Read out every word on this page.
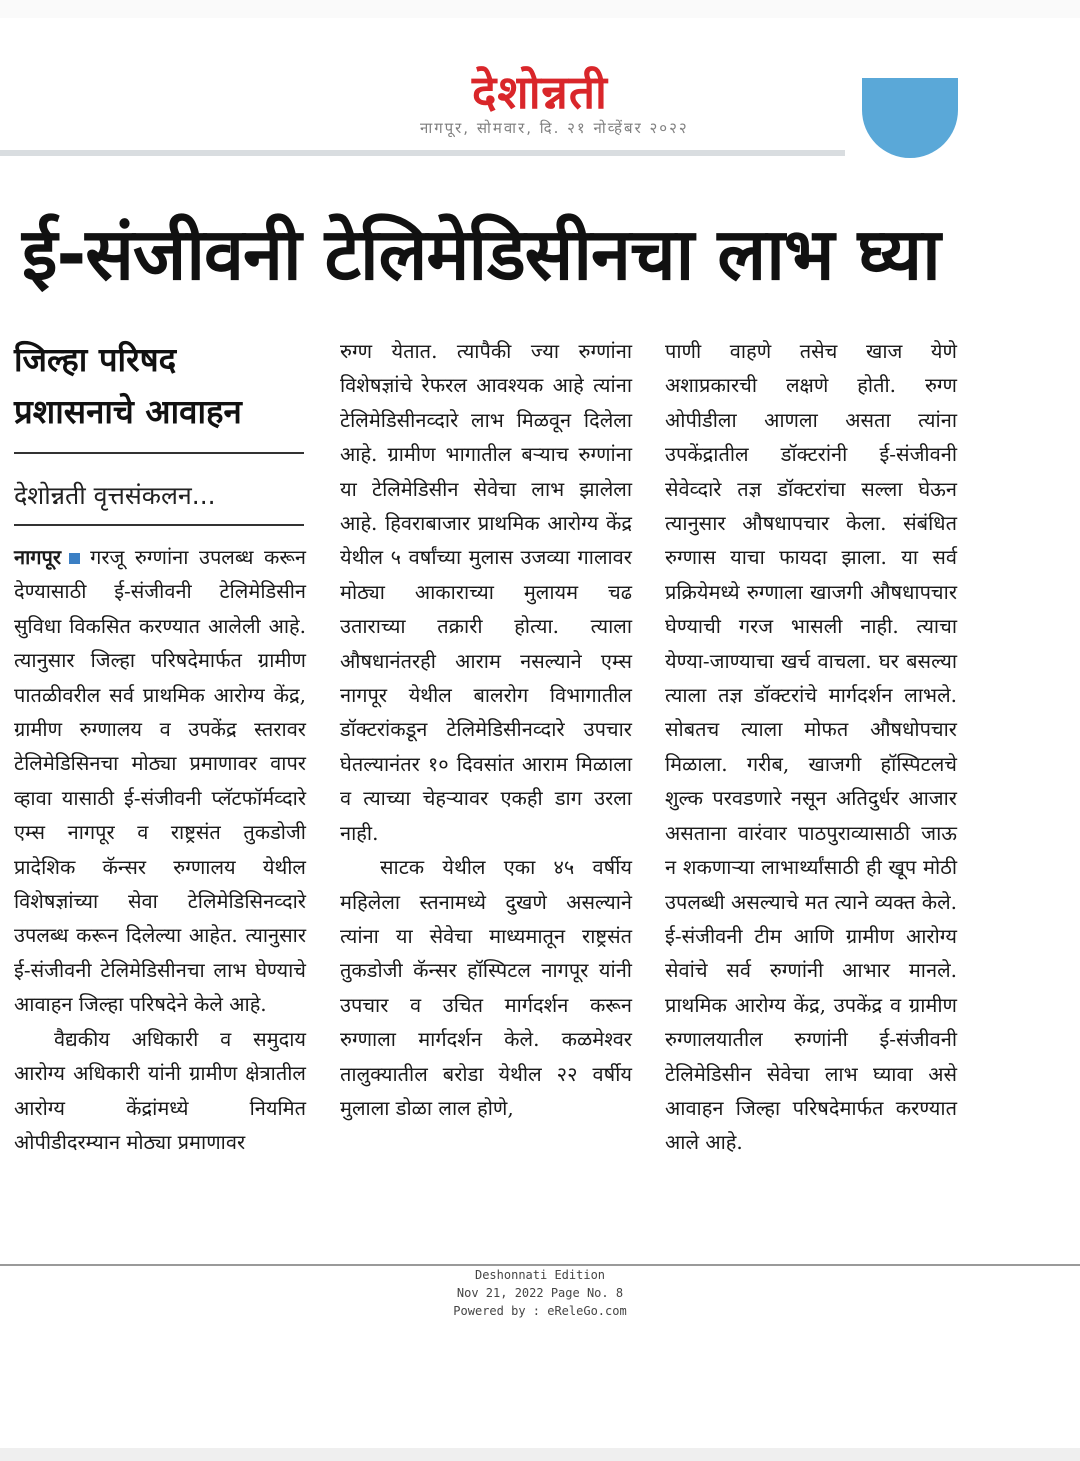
देशोन्नती
नागपूर, सोमवार, दि. २१ नोव्हेंबर २०२२
ई-संजीवनी टेलिमेडिसीनचा लाभ घ्या
जिल्हा परिषद
प्रशासनाचे आवाहन
देशोन्नती वृत्तसंकलन...

नागपूर गरजू रुग्णांना उपलब्ध करून देण्यासाठी ई-संजीवनी टेलिमेडिसीन सुविधा विकसित करण्यात आलेली आहे. त्यानुसार जिल्हा परिषदेमार्फत ग्रामीण पातळीवरील सर्व प्राथमिक आरोग्य केंद्र, ग्रामीण रुग्णालय व उपकेंद्र स्तरावर टेलिमेडिसिनचा मोठ्या प्रमाणावर वापर व्हावा यासाठी ई-संजीवनी प्लॅटफॉर्मव्दारे एम्स नागपूर व राष्ट्रसंत तुकडोजी प्रादेशिक कॅन्सर रुग्णालय येथील विशेषज्ञांच्या सेवा टेलिमेडिसिनव्दारे उपलब्ध करून दिलेल्या आहेत. त्यानुसार ई-संजीवनी टेलिमेडिसीनचा लाभ घेण्याचे आवाहन जिल्हा परिषदेने केले आहे.

वैद्यकीय अधिकारी व समुदाय आरोग्य अधिकारी यांनी ग्रामीण क्षेत्रातील आरोग्य केंद्रांमध्ये नियमित ओपीडीदरम्यान मोठ्या प्रमाणावर

रुग्ण येतात. त्यापैकी ज्या रुग्णांना विशेषज्ञांचे रेफरल आवश्यक आहे त्यांना टेलिमेडिसीनव्दारे लाभ मिळवून दिलेला आहे. ग्रामीण भागातील बऱ्याच रुग्णांना या टेलिमेडिसीन सेवेचा लाभ झालेला आहे. हिवराबाजार प्राथमिक आरोग्य केंद्र येथील ५ वर्षांच्या मुलास उजव्या गालावर मोठ्या आकाराच्या मुलायम चढ उताराच्या तक्रारी होत्या. त्याला औषधानंतरही आराम नसल्याने एम्स नागपूर येथील बालरोग विभागातील डॉक्टरांकडून टेलिमेडिसीनव्दारे उपचार घेतल्यानंतर १० दिवसांत आराम मिळाला व त्याच्या चेहऱ्यावर एकही डाग उरला नाही.

साटक येथील एका ४५ वर्षीय महिलेला स्तनामध्ये दुखणे असल्याने त्यांना या सेवेचा माध्यमातून राष्ट्रसंत तुकडोजी कॅन्सर हॉस्पिटल नागपूर यांनी उपचार व उचित मार्गदर्शन करून रुग्णाला मार्गदर्शन केले. कळमेश्वर तालुक्यातील बरोडा येथील २२ वर्षीय मुलाला डोळा लाल होणे,

पाणी वाहणे तसेच खाज येणे अशाप्रकारची लक्षणे होती. रुग्ण ओपीडीला आणला असता त्यांना उपकेंद्रातील डॉक्टरांनी ई-संजीवनी सेवेव्दारे तज्ञ डॉक्टरांचा सल्ला घेऊन त्यानुसार औषधापचार केला. संबंधित रुग्णास याचा फायदा झाला. या सर्व प्रक्रियेमध्ये रुग्णाला खाजगी औषधापचार घेण्याची गरज भासली नाही. त्याचा येण्या-जाण्याचा खर्च वाचला. घर बसल्या त्याला तज्ञ डॉक्टरांचे मार्गदर्शन लाभले. सोबतच त्याला मोफत औषधोपचार मिळाला. गरीब, खाजगी हॉस्पिटलचे शुल्क परवडणारे नसून अतिदुर्धर आजार असताना वारंवार पाठपुराव्यासाठी जाऊ न शकणाऱ्या लाभार्थ्यांसाठी ही खूप मोठी उपलब्धी असल्याचे मत त्याने व्यक्त केले. ई-संजीवनी टीम आणि ग्रामीण आरोग्य सेवांचे सर्व रुग्णांनी आभार मानले. प्राथमिक आरोग्य केंद्र, उपकेंद्र व ग्रामीण रुग्णालयातील रुग्णांनी ई-संजीवनी टेलिमेडिसीन सेवेचा लाभ घ्यावा असे आवाहन जिल्हा परिषदेमार्फत करण्यात आले आहे.

Deshonnati Edition
Nov 21, 2022 Page No. 8
Powered by : eReleGo.com
